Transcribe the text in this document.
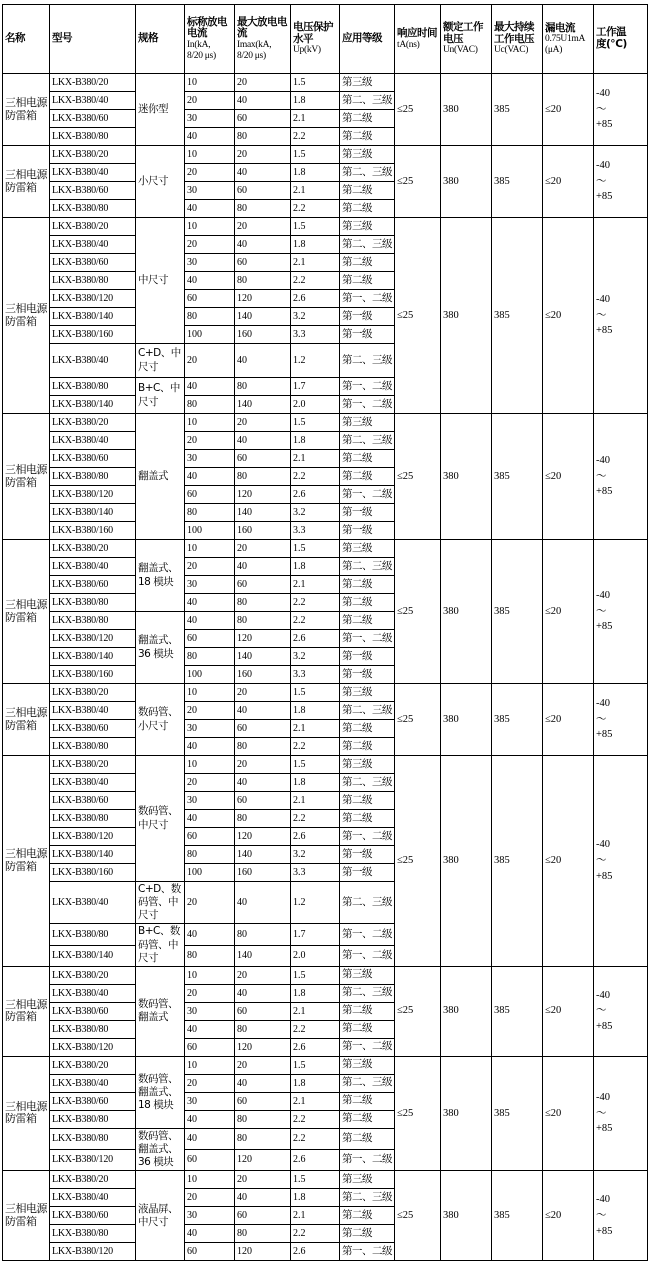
名称	型号	规格	标称放电电流
In(kA,
8/20 μs)	最大放电电流
Imax(kA,
8/20 μs)	电压保护水平
Up(kV)	应用等级	响应时间
tA(ns)	额定工作电压
Un(VAC)	最大持续工作电压
Uc(VAC)	漏电流
0.75U1mA
(μA)	工作温
度(℃)

三相电源防雷箱	LKX-B380/20	迷你型	10	20	1.5	第三级	≤25	380	385	≤20	-40
～
+85

	LKX-B380/40		20	40	1.8	第二、三级					
	LKX-B380/60		30	60	2.1	第二级					
	LKX-B380/80		40	80	2.2	第二级					
三相电源防雷箱	LKX-B380/20	小尺寸	10	20	1.5	第三级	≤25	380	385	≤20	-40
～
+85

	LKX-B380/40		20	40	1.8	第二、三级					
	LKX-B380/60		30	60	2.1	第二级					
	LKX-B380/80		40	80	2.2	第二级					
三相电源防雷箱	LKX-B380/20	中尺寸	10	20	1.5	第三级	≤25	380	385	≤20	-40
～
+85

	LKX-B380/40		20	40	1.8	第二、三级					
	LKX-B380/60		30	60	2.1	第二级					
	LKX-B380/80		40	80	2.2	第二级					
	LKX-B380/120		60	120	2.6	第一、二级					
	LKX-B380/140		80	140	3.2	第一级					
	LKX-B380/160		100	160	3.3	第一级					
	LKX-B380/40	C+D、中尺寸	20	40	1.2	第二、三级					
	LKX-B380/80	B+C、中尺寸	40	80	1.7	第一、二级					
	LKX-B380/140		80	140	2.0	第一、二级					
三相电源防雷箱	LKX-B380/20	翻盖式	10	20	1.5	第三级	≤25	380	385	≤20	-40
～
+85

	LKX-B380/40		20	40	1.8	第二、三级					
	LKX-B380/60		30	60	2.1	第二级					
	LKX-B380/80		40	80	2.2	第二级					
	LKX-B380/120		60	120	2.6	第一、二级					
	LKX-B380/140		80	140	3.2	第一级					
	LKX-B380/160		100	160	3.3	第一级					
三相电源防雷箱	LKX-B380/20	翻盖式、18 模块	10	20	1.5	第三级	≤25	380	385	≤20	-40
～
+85

	LKX-B380/40		20	40	1.8	第二、三级					
	LKX-B380/60		30	60	2.1	第二级					
	LKX-B380/80		40	80	2.2	第二级					
	LKX-B380/80	翻盖式、36 模块	40	80	2.2	第二级					
	LKX-B380/120		60	120	2.6	第一、二级					
	LKX-B380/140		80	140	3.2	第一级					
	LKX-B380/160		100	160	3.3	第一级					
三相电源防雷箱	LKX-B380/20	数码管、小尺寸	10	20	1.5	第三级	≤25	380	385	≤20	-40
～
+85

	LKX-B380/40		20	40	1.8	第二、三级					
	LKX-B380/60		30	60	2.1	第二级					
	LKX-B380/80		40	80	2.2	第二级					
三相电源防雷箱	LKX-B380/20	数码管、中尺寸	10	20	1.5	第三级	≤25	380	385	≤20	-40
～
+85

	LKX-B380/40		20	40	1.8	第二、三级					
	LKX-B380/60		30	60	2.1	第二级					
	LKX-B380/80		40	80	2.2	第二级					
	LKX-B380/120		60	120	2.6	第一、二级					
	LKX-B380/140		80	140	3.2	第一级					
	LKX-B380/160		100	160	3.3	第一级					
	LKX-B380/40	C+D、数码管、中尺寸	20	40	1.2	第二、三级					
	LKX-B380/80	B+C、数码管、中尺寸	40	80	1.7	第一、二级					
	LKX-B380/140		80	140	2.0	第一、二级					
三相电源防雷箱	LKX-B380/20	数码管、翻盖式	10	20	1.5	第三级	≤25	380	385	≤20	-40
～
+85

	LKX-B380/40		20	40	1.8	第二、三级					
	LKX-B380/60		30	60	2.1	第二级					
	LKX-B380/80		40	80	2.2	第二级					
	LKX-B380/120		60	120	2.6	第一、二级					
三相电源防雷箱	LKX-B380/20	数码管、翻盖式、18 模块	10	20	1.5	第三级	≤25	380	385	≤20	-40
～
+85

	LKX-B380/40		20	40	1.8	第二、三级					
	LKX-B380/60		30	60	2.1	第二级					
	LKX-B380/80		40	80	2.2	第二级					
	LKX-B380/80	数码管、翻盖式、36 模块	40	80	2.2	第二级					
	LKX-B380/120		60	120	2.6	第一、二级					
三相电源防雷箱	LKX-B380/20	液晶屏、中尺寸	10	20	1.5	第三级	≤25	380	385	≤20	-40
～
+85

	LKX-B380/40		20	40	1.8	第二、三级					
	LKX-B380/60		30	60	2.1	第二级					
	LKX-B380/80		40	80	2.2	第二级					
	LKX-B380/120		60	120	2.6	第一、二级					
